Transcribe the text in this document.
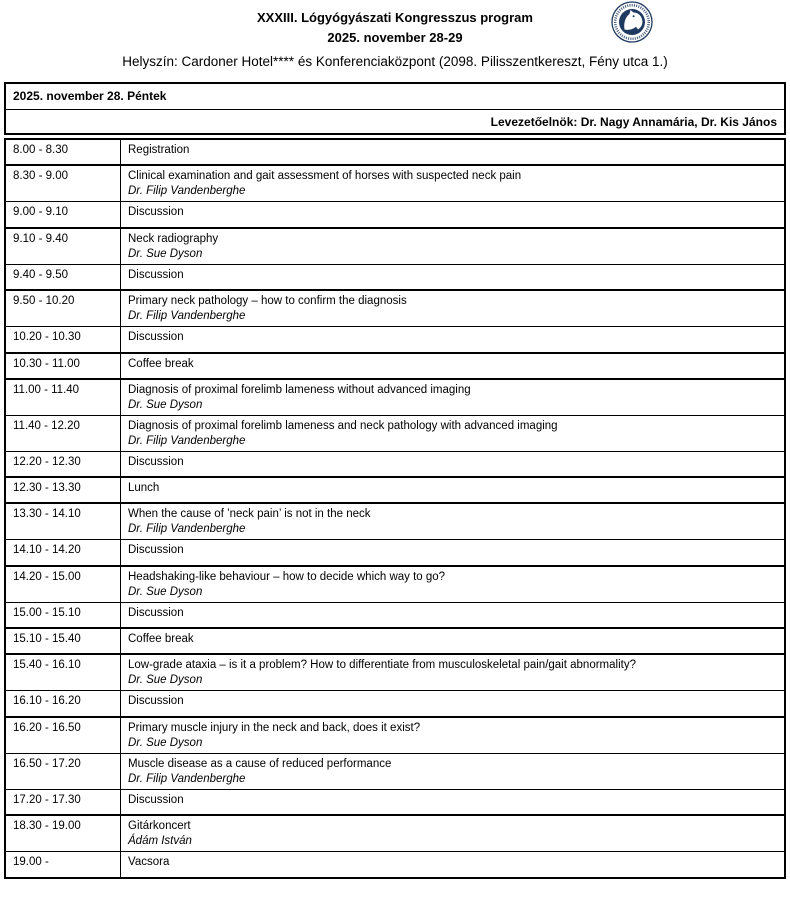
XXXIII. Lógyógyászati Kongresszus program
2025. november 28-29
Helyszín: Cardoner Hotel**** és Konferenciaközpont (2098. Pilisszentkereszt, Fény utca 1.)
2025. november 28. Péntek
Levezetőelnök: Dr. Nagy Annamária, Dr. Kis János
8.00 - 8.30	Registration

8.30 - 9.00	Clinical examination and gait assessment of horses with suspected neck pain
Dr. Filip Vandenberghe
9.00 - 9.10	Discussion

9.10 - 9.40	Neck radiography
Dr. Sue Dyson
9.40 - 9.50	Discussion

9.50 - 10.20	Primary neck pathology – how to confirm the diagnosis
Dr. Filip Vandenberghe
10.20 - 10.30	Discussion

10.30 - 11.00	Coffee break

11.00 - 11.40	Diagnosis of proximal forelimb lameness without advanced imaging
Dr. Sue Dyson
11.40 - 12.20	Diagnosis of proximal forelimb lameness and neck pathology with advanced imaging
Dr. Filip Vandenberghe
12.20 - 12.30	Discussion

12.30 - 13.30	Lunch

13.30 - 14.10	When the cause of ’neck pain’ is not in the neck
Dr. Filip Vandenberghe
14.10 - 14.20	Discussion

14.20 - 15.00	Headshaking-like behaviour – how to decide which way to go?
Dr. Sue Dyson
15.00 - 15.10	Discussion

15.10 - 15.40	Coffee break

15.40 - 16.10	Low-grade ataxia – is it a problem? How to differentiate from musculoskeletal pain/gait abnormality?
Dr. Sue Dyson
16.10 - 16.20	Discussion

16.20 - 16.50	Primary muscle injury in the neck and back, does it exist?
Dr. Sue Dyson
16.50 - 17.20	Muscle disease as a cause of reduced performance
Dr. Filip Vandenberghe
17.20 - 17.30	Discussion

18.30 - 19.00	Gitárkoncert
Ádám István
19.00 -	Vacsora
